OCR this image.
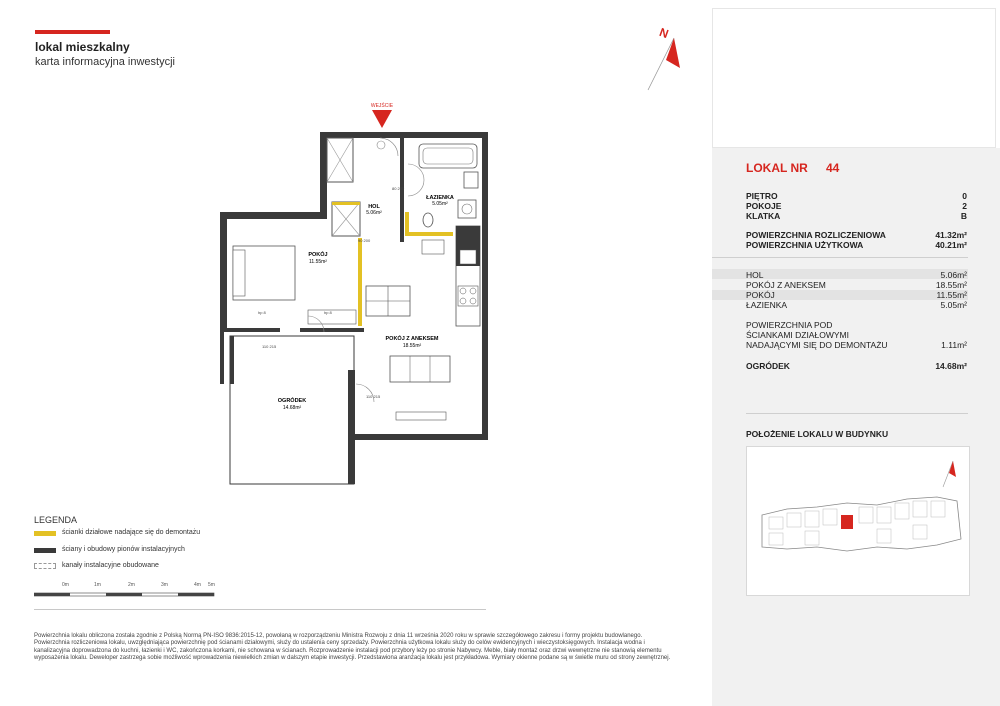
lokal mieszkalny
karta informacyjna inwestycji
N
WEJŚCIE
HOL
5.06m²
ŁAZIENKA
5.05m²
POKÓJ
11.55m²
POKÓJ Z ANEKSEM
18.55m²
OGRÓDEK
14.68m²
80 200
90 200
hp 8	hp 8
110 215
110 215
LEGENDA
ścianki działowe nadające się do demontażu
ściany i obudowy pionów instalacyjnych
kanały instalacyjne obudowane
0m	1m	2m	3m	4m 5m
Powierzchnia lokalu obliczona została zgodnie z Polską Normą PN-ISO 9836:2015-12, powołaną w rozporządzeniu Ministra Rozwoju z dnia 11 września 2020 roku w sprawie szczegółowego zakresu i formy projektu budowlanego. Powierzchnia rozliczeniowa lokalu, uwzględniająca powierzchnię pod ścianami działowymi, służy do ustalenia ceny sprzedaży. Powierzchnia użytkowa lokalu służy do celów ewidencyjnych i wieczystoksięgowych. Instalacja wodna i kanalizacyjna doprowadzona do kuchni, łazienki i WC, zakończona korkami, nie schowana w ścianach. Rozprowadzenie instalacji pod przybory leży po stronie Nabywcy. Meble, biały montaż oraz drzwi wewnętrzne nie stanowią elementu wyposażenia lokalu. Deweloper zastrzega sobie możliwość wprowadzenia niewielkich zmian w dalszym etapie inwestycji. Przedstawiona aranżacja lokalu jest przykładowa. Wymiary okienne podane są w świetle muru od strony zewnętrznej.
LOKAL NR 44
PIĘTRO	0
POKOJE	2
KLATKA	B
POWIERZCHNIA ROZLICZENIOWA	41.32m²
POWIERZCHNIA UŻYTKOWA	40.21m²
HOL	5.06m²
POKÓJ Z ANEKSEM	18.55m²
POKÓJ	11.55m²
ŁAZIENKA	5.05m²
POWIERZCHNIA POD
ŚCIANKAMI DZIAŁOWYMI
NADAJĄCYMI SIĘ DO DEMONTAŻU	1.11m²
OGRÓDEK	14.68m²
POŁOŻENIE LOKALU W BUDYNKU
